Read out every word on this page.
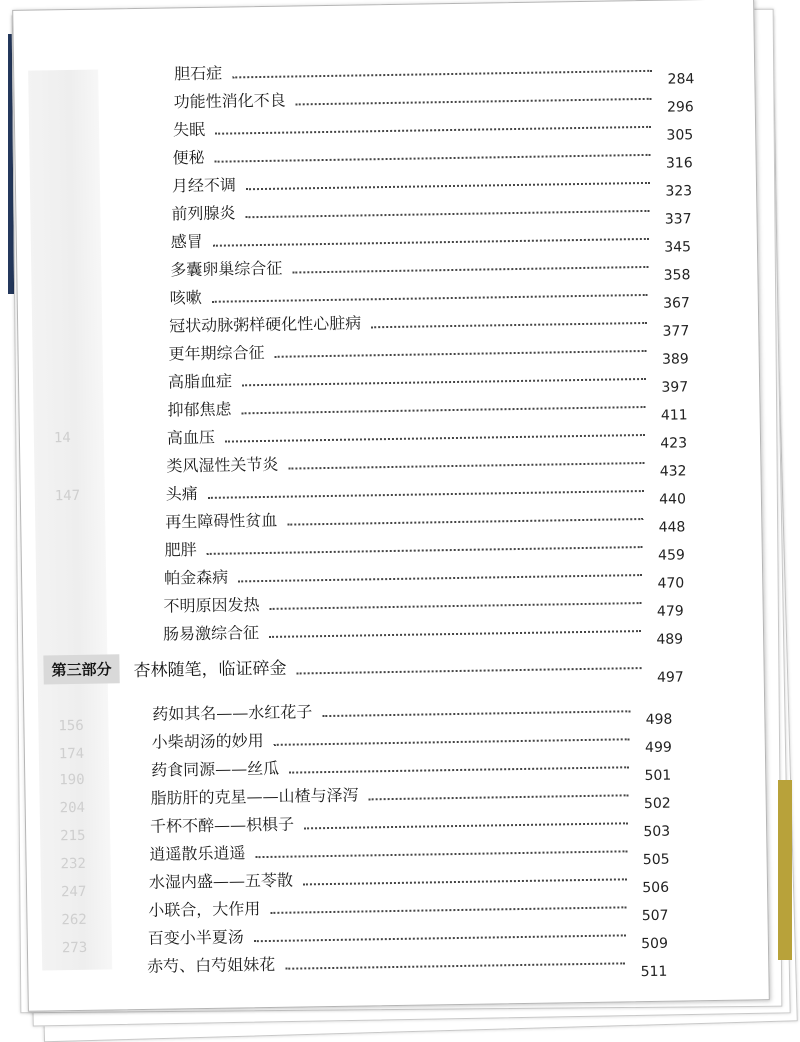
14
147
156
174
190
204
215
232
247
262
273
胆石症	284
功能性消化不良	296
失眠	305
便秘	316
月经不调	323
前列腺炎	337
感冒	345
多囊卵巢综合征	358
咳嗽	367
冠状动脉粥样硬化性心脏病	377
更年期综合征	389
高脂血症	397
抑郁焦虑	411
高血压	423
类风湿性关节炎	432
头痛	440
再生障碍性贫血	448
肥胖	459
帕金森病	470
不明原因发热	479
肠易激综合征	489
第三部分	杏林随笔，临证碎金	497
药如其名——水红花子	498
小柴胡汤的妙用	499
药食同源——丝瓜	501
脂肪肝的克星——山楂与泽泻	502
千杯不醉——枳椇子	503
逍遥散乐逍遥	505
水湿内盛——五苓散	506
小联合，大作用	507
百变小半夏汤	509
赤芍、白芍姐妹花	511
